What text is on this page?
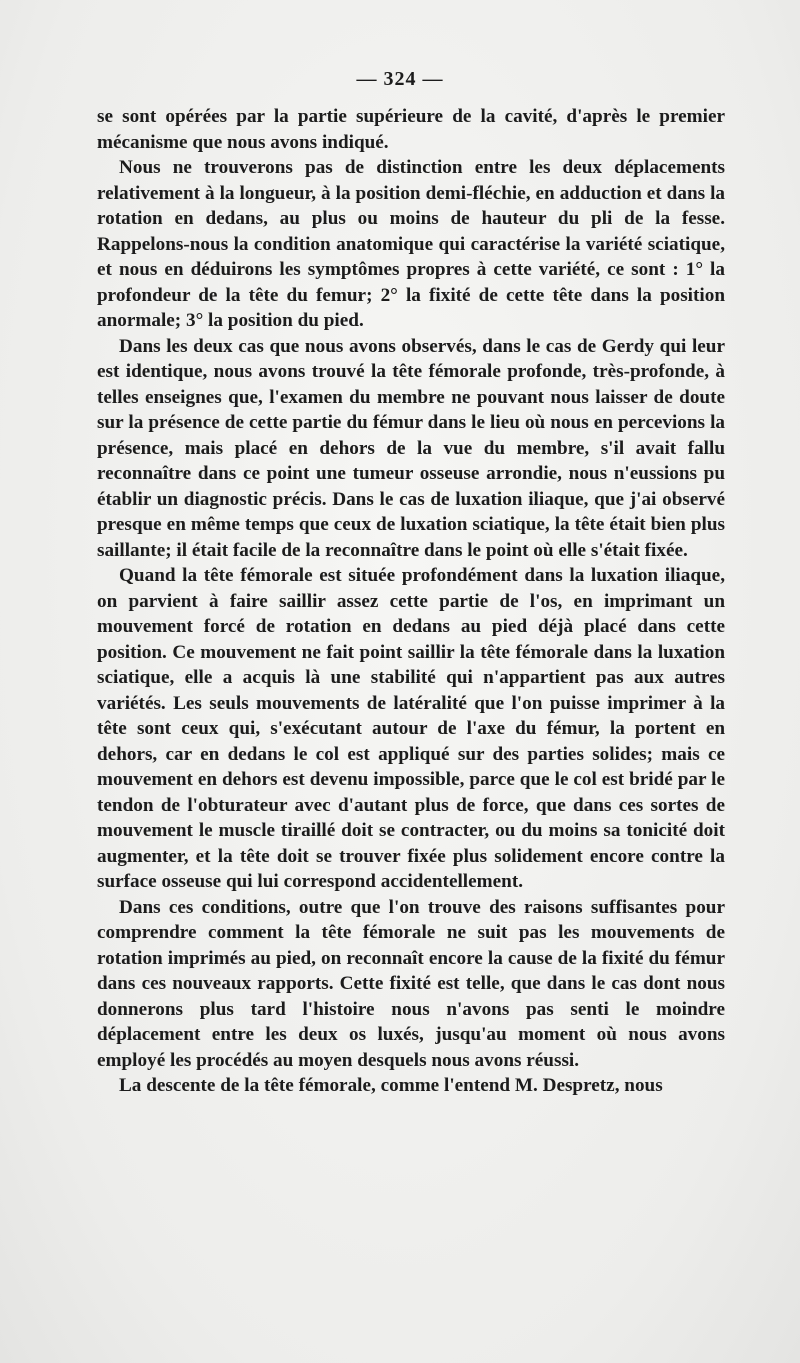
— 324 —

se sont opérées par la partie supérieure de la cavité, d'après le premier mécanisme que nous avons indiqué.

Nous ne trouverons pas de distinction entre les deux déplacements relativement à la longueur, à la position demi-fléchie, en adduction et dans la rotation en dedans, au plus ou moins de hauteur du pli de la fesse. Rappelons-nous la condition anatomique qui caractérise la variété sciatique, et nous en déduirons les symptômes propres à cette variété, ce sont : 1° la profondeur de la tête du femur; 2° la fixité de cette tête dans la position anormale; 3° la position du pied.

Dans les deux cas que nous avons observés, dans le cas de Gerdy qui leur est identique, nous avons trouvé la tête fémorale profonde, très-profonde, à telles enseignes que, l'examen du membre ne pouvant nous laisser de doute sur la présence de cette partie du fémur dans le lieu où nous en percevions la présence, mais placé en dehors de la vue du membre, s'il avait fallu reconnaître dans ce point une tumeur osseuse arrondie, nous n'eussions pu établir un diagnostic précis. Dans le cas de luxation iliaque, que j'ai observé presque en même temps que ceux de luxation sciatique, la tête était bien plus saillante; il était facile de la reconnaître dans le point où elle s'était fixée.

Quand la tête fémorale est située profondément dans la luxation iliaque, on parvient à faire saillir assez cette partie de l'os, en imprimant un mouvement forcé de rotation en dedans au pied déjà placé dans cette position. Ce mouvement ne fait point saillir la tête fémorale dans la luxation sciatique, elle a acquis là une stabilité qui n'appartient pas aux autres variétés. Les seuls mouvements de latéralité que l'on puisse imprimer à la tête sont ceux qui, s'exécutant autour de l'axe du fémur, la portent en dehors, car en dedans le col est appliqué sur des parties solides; mais ce mouvement en dehors est devenu impossible, parce que le col est bridé par le tendon de l'obturateur avec d'autant plus de force, que dans ces sortes de mouvement le muscle tiraillé doit se contracter, ou du moins sa tonicité doit augmenter, et la tête doit se trouver fixée plus solidement encore contre la surface osseuse qui lui correspond accidentellement.

Dans ces conditions, outre que l'on trouve des raisons suffisantes pour comprendre comment la tête fémorale ne suit pas les mouvements de rotation imprimés au pied, on reconnaît encore la cause de la fixité du fémur dans ces nouveaux rapports. Cette fixité est telle, que dans le cas dont nous donnerons plus tard l'histoire nous n'avons pas senti le moindre déplacement entre les deux os luxés, jusqu'au moment où nous avons employé les procédés au moyen desquels nous avons réussi.

La descente de la tête fémorale, comme l'entend M. Despretz, nous
